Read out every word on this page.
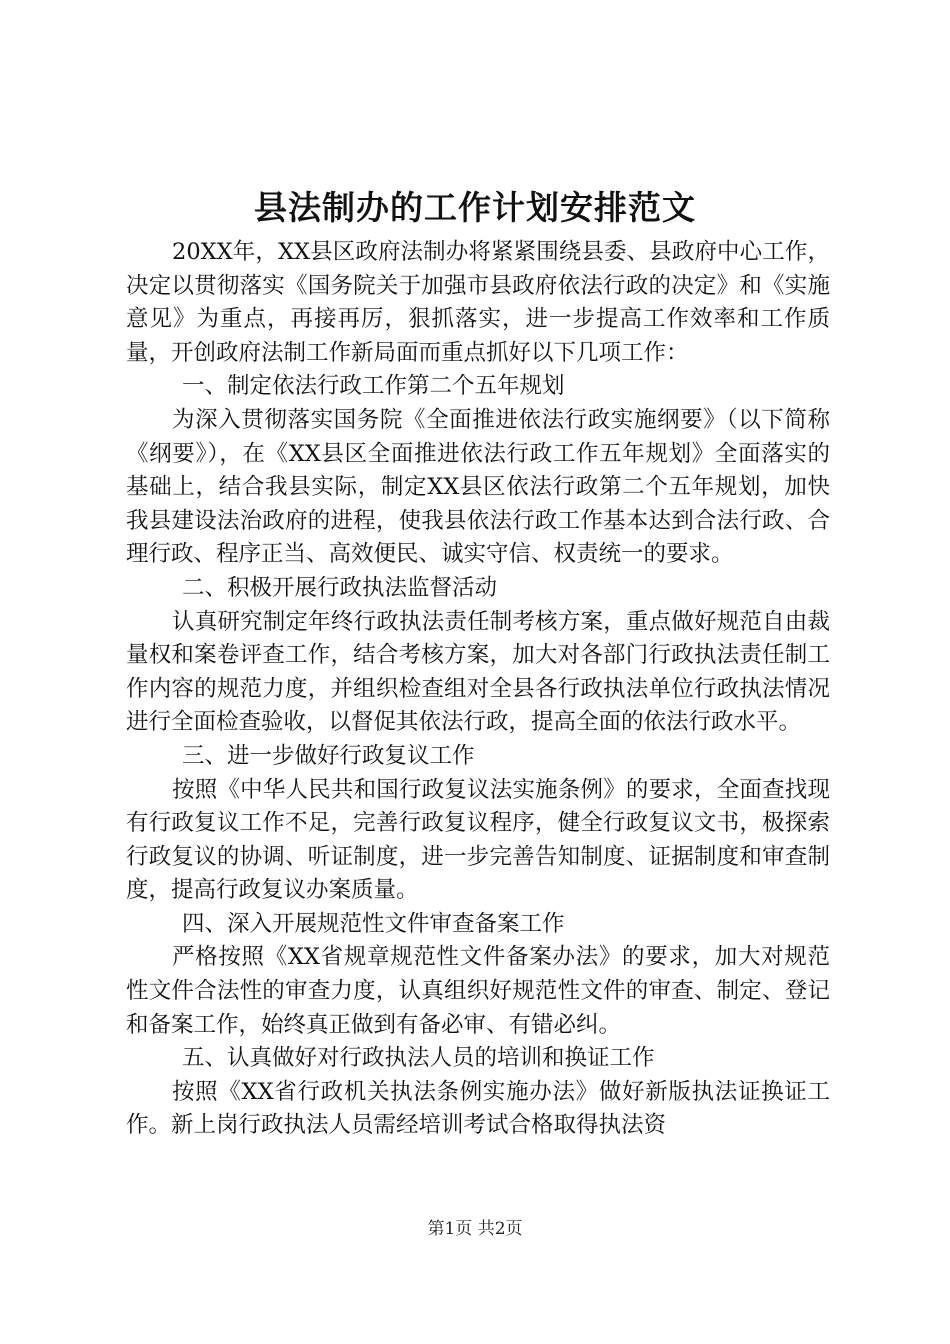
县法制办的工作计划安排范文

20XX年，XX县区政府法制办将紧紧围绕县委、县政府中心工作，决定以贯彻落实《国务院关于加强市县政府依法行政的决定》和《实施意见》为重点，再接再厉，狠抓落实，进一步提高工作效率和工作质量，开创政府法制工作新局面而重点抓好以下几项工作：

一、制定依法行政工作第二个五年规划

为深入贯彻落实国务院《全面推进依法行政实施纲要》（以下简称《纲要》），在《XX县区全面推进依法行政工作五年规划》全面落实的基础上，结合我县实际，制定XX县区依法行政第二个五年规划，加快我县建设法治政府的进程，使我县依法行政工作基本达到合法行政、合理行政、程序正当、高效便民、诚实守信、权责统一的要求。

二、积极开展行政执法监督活动

认真研究制定年终行政执法责任制考核方案，重点做好规范自由裁量权和案卷评查工作，结合考核方案，加大对各部门行政执法责任制工作内容的规范力度，并组织检查组对全县各行政执法单位行政执法情况进行全面检查验收，以督促其依法行政，提高全面的依法行政水平。

三、进一步做好行政复议工作

按照《中华人民共和国行政复议法实施条例》的要求，全面查找现有行政复议工作不足，完善行政复议程序，健全行政复议文书，极探索行政复议的协调、听证制度，进一步完善告知制度、证据制度和审查制度，提高行政复议办案质量。

四、深入开展规范性文件审查备案工作

严格按照《XX省规章规范性文件备案办法》的要求，加大对规范性文件合法性的审查力度，认真组织好规范性文件的审查、制定、登记和备案工作，始终真正做到有备必审、有错必纠。

五、认真做好对行政执法人员的培训和换证工作

按照《XX省行政机关执法条例实施办法》做好新版执法证换证工作。新上岗行政执法人员需经培训考试合格取得执法资

第1页 共2页
